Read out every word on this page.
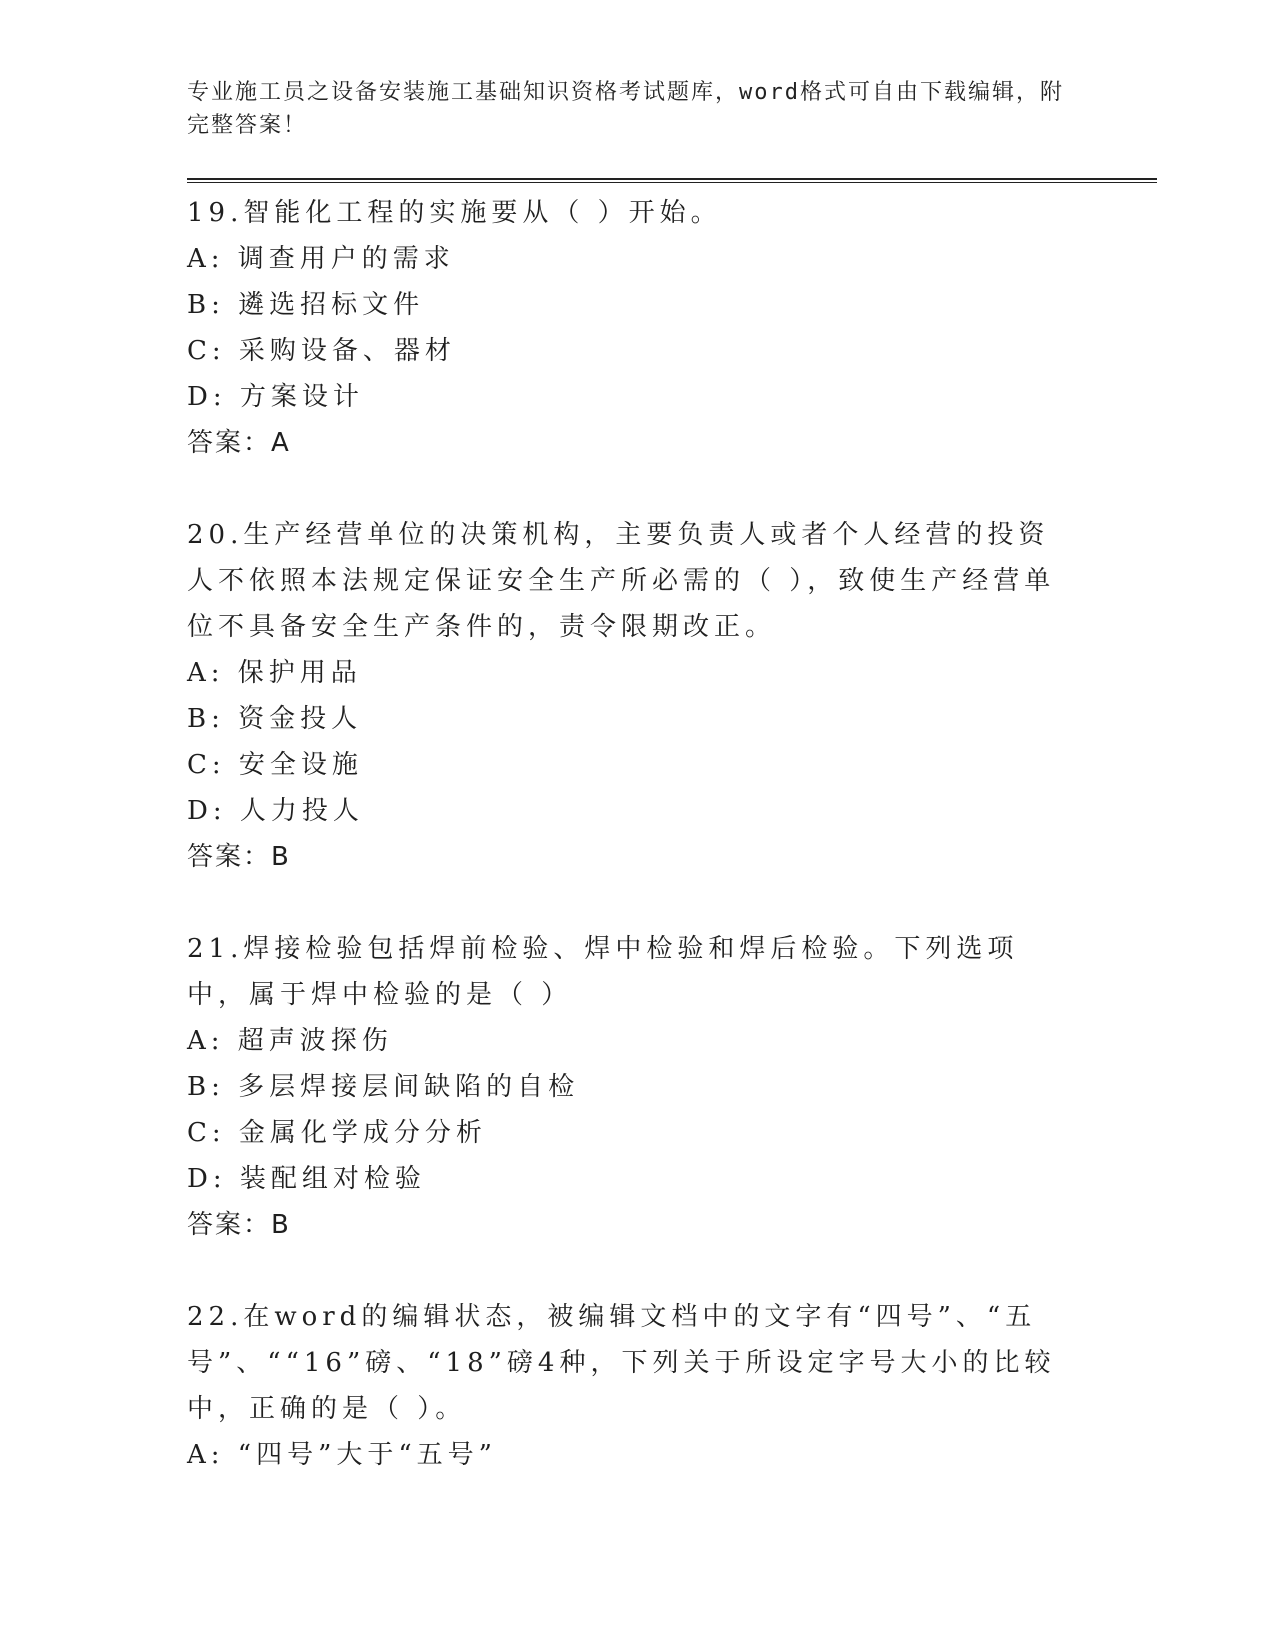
专业施工员之设备安装施工基础知识资格考试题库，word格式可自由下载编辑，附完整答案！
19.智能化工程的实施要从（ ）开始。
A: 调查用户的需求
B: 遴选招标文件
C: 采购设备、器材
D: 方案设计
答案：A
20.生产经营单位的决策机构，主要负责人或者个人经营的投资人不依照本法规定保证安全生产所必需的（ ），致使生产经营单位不具备安全生产条件的，责令限期改正。
A: 保护用品
B: 资金投人
C: 安全设施
D: 人力投人
答案：B
21.焊接检验包括焊前检验、焊中检验和焊后检验。下列选项中，属于焊中检验的是（ ）
A: 超声波探伤
B: 多层焊接层间缺陷的自检
C: 金属化学成分分析
D: 装配组对检验
答案：B
22.在word的编辑状态，被编辑文档中的文字有“四号”、“五号”、““16”磅、“18”磅4种，下列关于所设定字号大小的比较中，正确的是（ ）。
A: “四号”大于“五号”
